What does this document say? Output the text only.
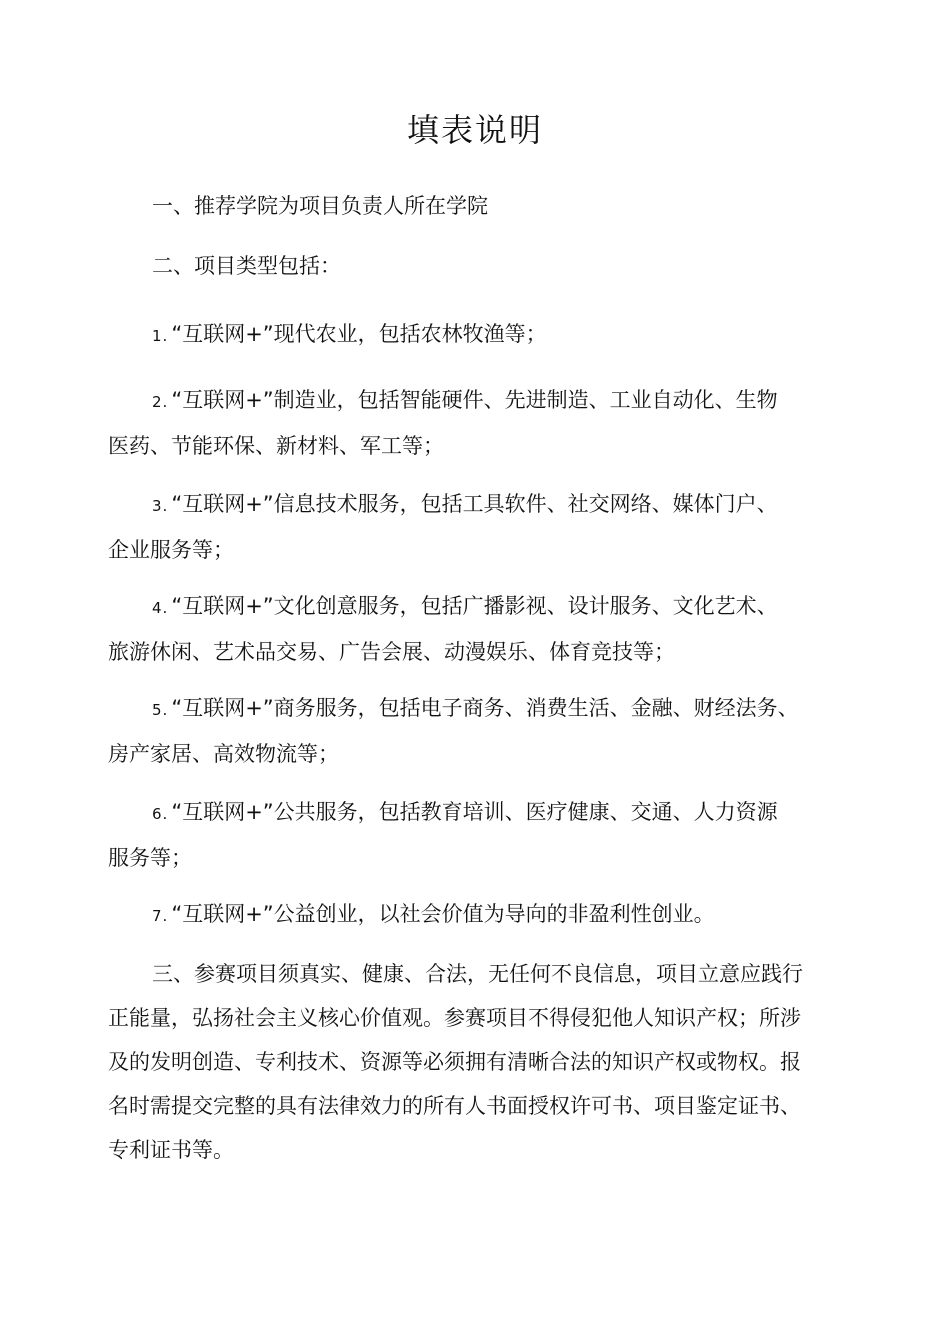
填表说明

一、推荐学院为项目负责人所在学院

二、项目类型包括：

1. “互联网+”现代农业，包括农林牧渔等；
2. “互联网+”制造业，包括智能硬件、先进制造、工业自动化、生物
医药、节能环保、新材料、军工等；
3. “互联网+”信息技术服务，包括工具软件、社交网络、媒体门户、
企业服务等；
4. “互联网+”文化创意服务，包括广播影视、设计服务、文化艺术、
旅游休闲、艺术品交易、广告会展、动漫娱乐、体育竞技等；
5. “互联网+”商务服务，包括电子商务、消费生活、金融、财经法务、
房产家居、高效物流等；
6. “互联网+”公共服务，包括教育培训、医疗健康、交通、人力资源
服务等；
7. “互联网+”公益创业，以社会价值为导向的非盈利性创业。
三、参赛项目须真实、健康、合法，无任何不良信息，项目立意应践行
正能量，弘扬社会主义核心价值观。参赛项目不得侵犯他人知识产权；所涉
及的发明创造、专利技术、资源等必须拥有清晰合法的知识产权或物权。报
名时需提交完整的具有法律效力的所有人书面授权许可书、项目鉴定证书、
专利证书等。
